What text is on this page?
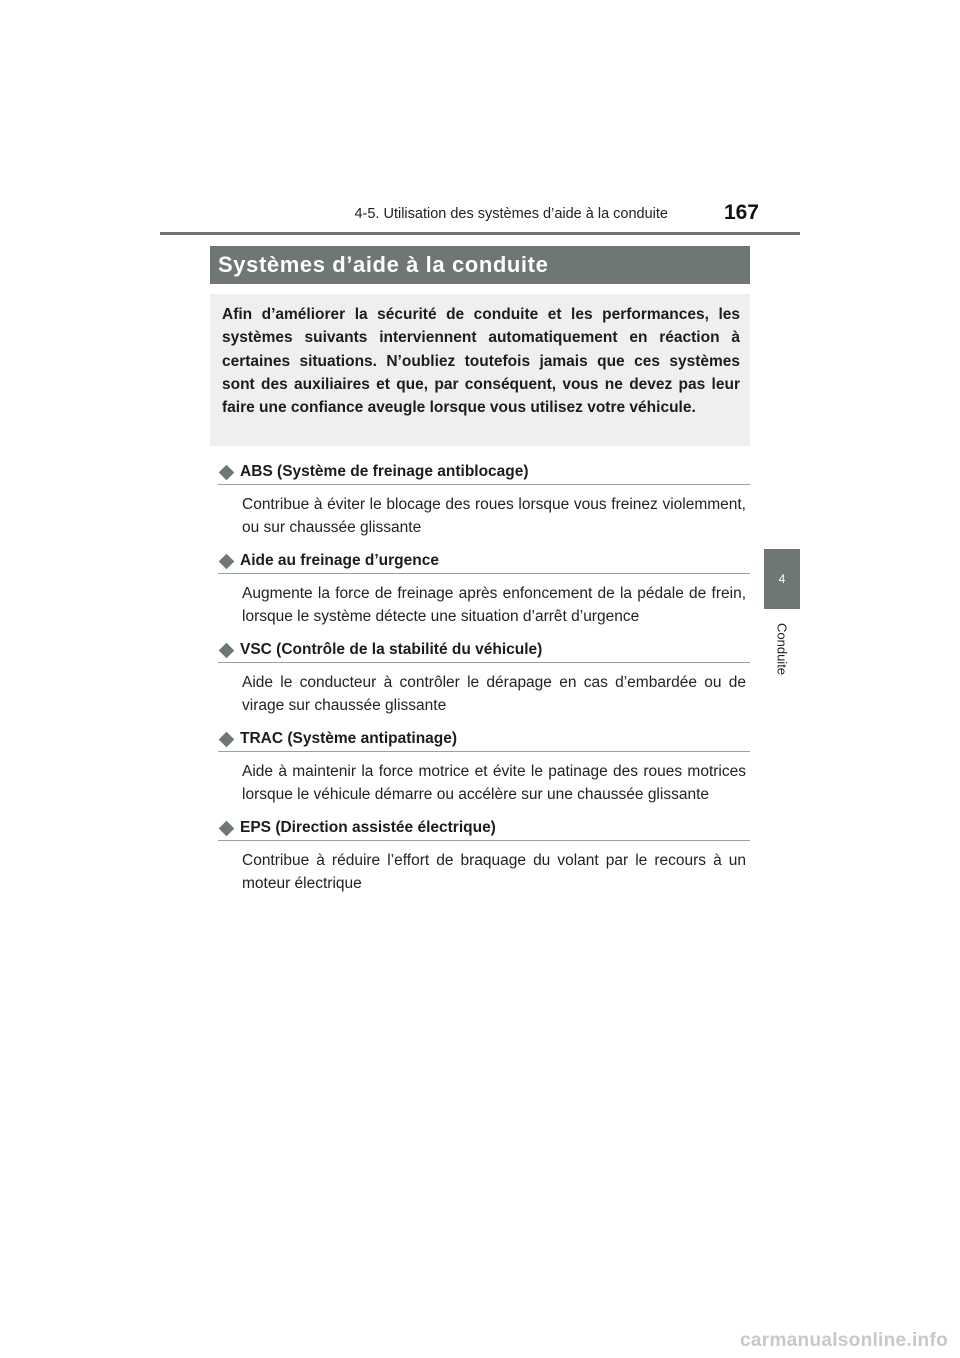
4-5. Utilisation des systèmes d’aide à la conduite	167
4
Conduite
Systèmes d’aide à la conduite

Afin d’améliorer la sécurité de conduite et les performances, les systèmes suivants interviennent automatiquement en réaction à certaines situations. N’oubliez toutefois jamais que ces systèmes sont des auxiliaires et que, par conséquent, vous ne devez pas leur faire une confiance aveugle lorsque vous utilisez votre véhicule.

ABS (Système de freinage antiblocage)

Contribue à éviter le blocage des roues lorsque vous freinez violemment, ou sur chaussée glissante

Aide au freinage d’urgence

Augmente la force de freinage après enfoncement de la pédale de frein, lorsque le système détecte une situation d’arrêt d’urgence

VSC (Contrôle de la stabilité du véhicule)

Aide le conducteur à contrôler le dérapage en cas d’embardée ou de virage sur chaussée glissante

TRAC (Système antipatinage)

Aide à maintenir la force motrice et évite le patinage des roues motrices lorsque le véhicule démarre ou accélère sur une chaussée glissante

EPS (Direction assistée électrique)

Contribue à réduire l’effort de braquage du volant par le recours à un moteur électrique

carmanualsonline.info
